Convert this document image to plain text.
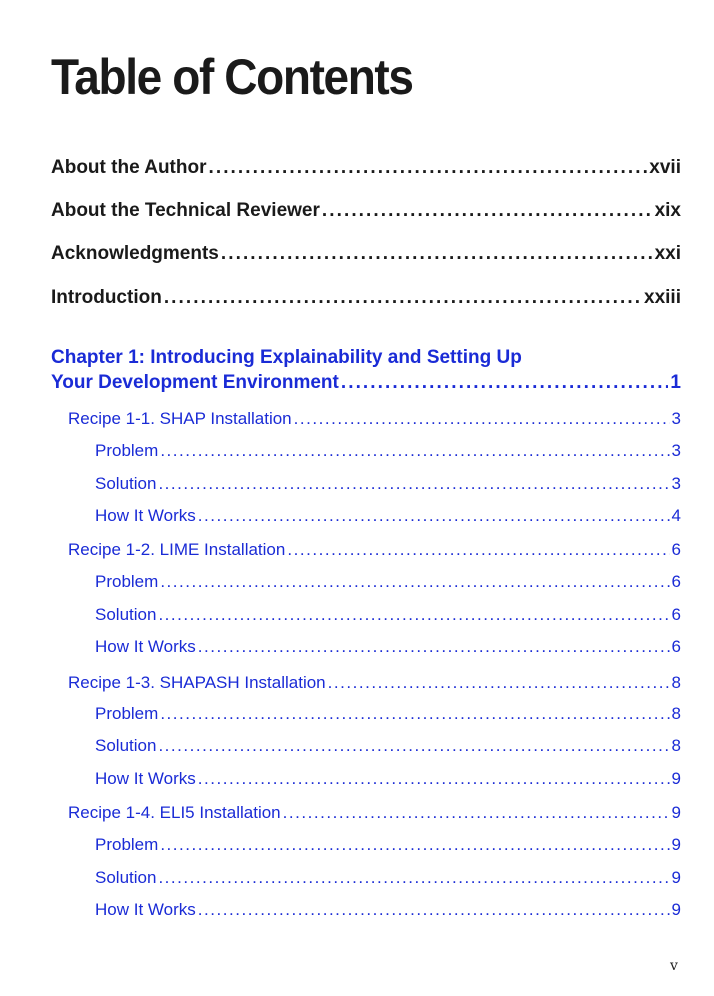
Table of Contents
About the Author . . .	xvii
About the Technical Reviewer . . .	xix
Acknowledgments . . .	xxi
Introduction . . .	xxiii
Chapter 1: Introducing Explainability and Setting Up
Your Development Environment . . .	1
Recipe 1-1. SHAP Installation . . .	3
Problem . . .	3
Solution . . .	3
How It Works . . .	4
Recipe 1-2. LIME Installation . . .	6
Problem . . .	6
Solution . . .	6
How It Works . . .	6
Recipe 1-3. SHAPASH Installation . . .	8
Problem . . .	8
Solution . . .	8
How It Works . . .	9
Recipe 1-4. ELI5 Installation . . .	9
Problem . . .	9
Solution . . .	9
How It Works . . .	9
v
